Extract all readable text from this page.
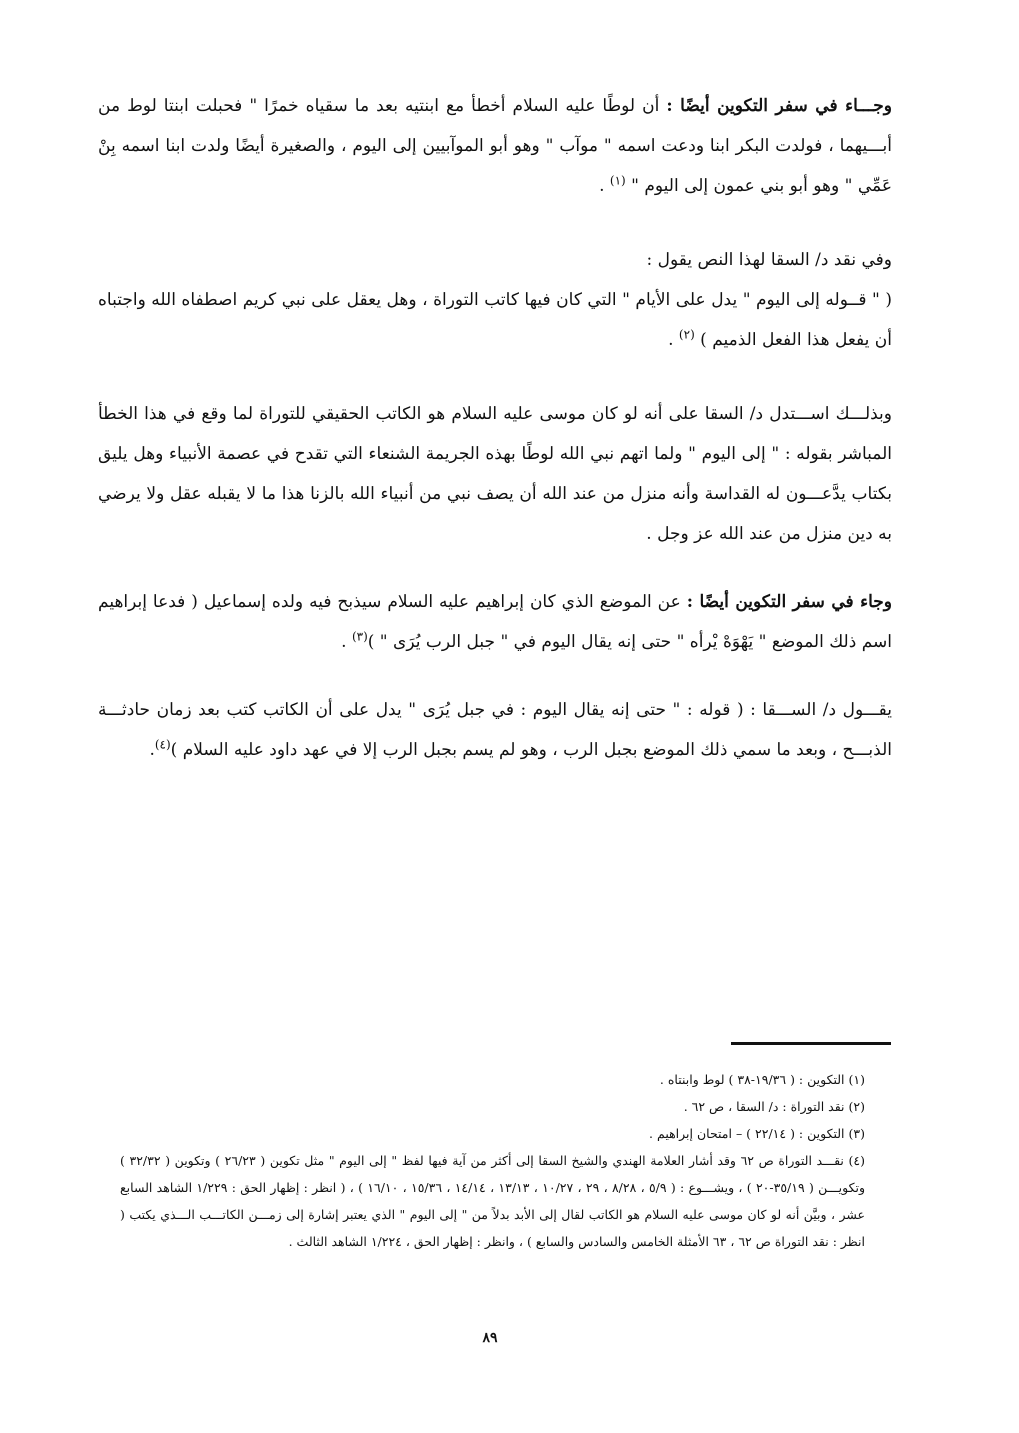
وجـــاء في سفر التكوين أيضًا : أن لوطًا عليه السلام أخطأ مع ابنتيه بعد ما سقياه خمرًا " فحبلت ابنتا لوط من أبـــيهما ، فولدت البكر ابنا ودعت اسمه " موآب " وهو أبو الموآبيين إلى اليوم ، والصغيرة أيضًا ولدت ابنا اسمه بِنْ عَمِّي " وهو أبو بني عمون إلى اليوم " $^{(١)}$ .

وفي نقد د/ السقا لهذا النص يقول :

( " قــوله إلى اليوم " يدل على الأيام " التي كان فيها كاتب التوراة ، وهل يعقل على نبي كريم اصطفاه الله واجتباه أن يفعل هذا الفعل الذميم ) $^{(٢)}$ .

وبذلـــك اســـتدل د/ السقا على أنه لو كان موسى عليه السلام هو الكاتب الحقيقي للتوراة لما وقع في هذا الخطأ المباشر بقوله : " إلى اليوم " ولما اتهم نبي الله لوطًا بهذه الجريمة الشنعاء التي تقدح في عصمة الأنبياء وهل يليق بكتاب يدَّعـــون له القداسة وأنه منزل من عند الله أن يصف نبي من أنبياء الله بالزنا هذا ما لا يقبله عقل ولا يرضي به دين منزل من عند الله عز وجل .

وجاء في سفر التكوين أيضًا : عن الموضع الذي كان إبراهيم عليه السلام سيذبح فيه ولده إسماعيل ( فدعا إبراهيم اسم ذلك الموضع " يَهْوَهْ يْرأه " حتى إنه يقال اليوم في " جبل الرب يُرَى " )$^{(٣)}$ .

يقـــول د/ الســـقا : ( قوله : " حتى إنه يقال اليوم : في جبل يُرَى " يدل على أن الكاتب كتب بعد زمان حادثـــة الذبـــح ، وبعد ما سمي ذلك الموضع بجبل الرب ، وهو لم يسم بجبل الرب إلا في عهد داود عليه السلام )$^{(٤)}$.

(١) التكوين : ( ١٩/٣٦-٣٨ ) لوط وابنتاه .
(٢) نقد التوراة : د/ السقا ، ص ٦٢ .
(٣) التكوين : ( ٢٢/١٤ ) – امتحان إبراهيم .
(٤) نقـــد التوراة ص ٦٢ وقد أشار العلامة الهندي والشيخ السقا إلى أكثر من آية فيها لفظ " إلى اليوم " مثل تكوين ( ٢٦/٢٣ ) وتكوين ( ٣٢/٣٢ ) وتكويـــن ( ٣٥/١٩-٢٠ ) ، ويشـــوع : ( ٥/٩ ، ٨/٢٨ ، ٢٩ ، ١٠/٢٧ ، ١٣/١٣ ، ١٤/١٤ ، ١٥/٣٦ ، ١٦/١٠ ) ، ( انظر : إظهار الحق : ١/٢٢٩ الشاهد السابع عشر ، وبيَّن أنه لو كان موسى عليه السلام هو الكاتب لقال إلى الأبد بدلاً من " إلى اليوم " الذي يعتبر إشارة إلى زمـــن الكاتـــب الـــذي يكتب ( انظر : نقد التوراة ص ٦٢ ، ٦٣ الأمثلة الخامس والسادس والسابع ) ، وانظر : إظهار الحق ، ١/٢٢٤ الشاهد الثالث .
٨٩
